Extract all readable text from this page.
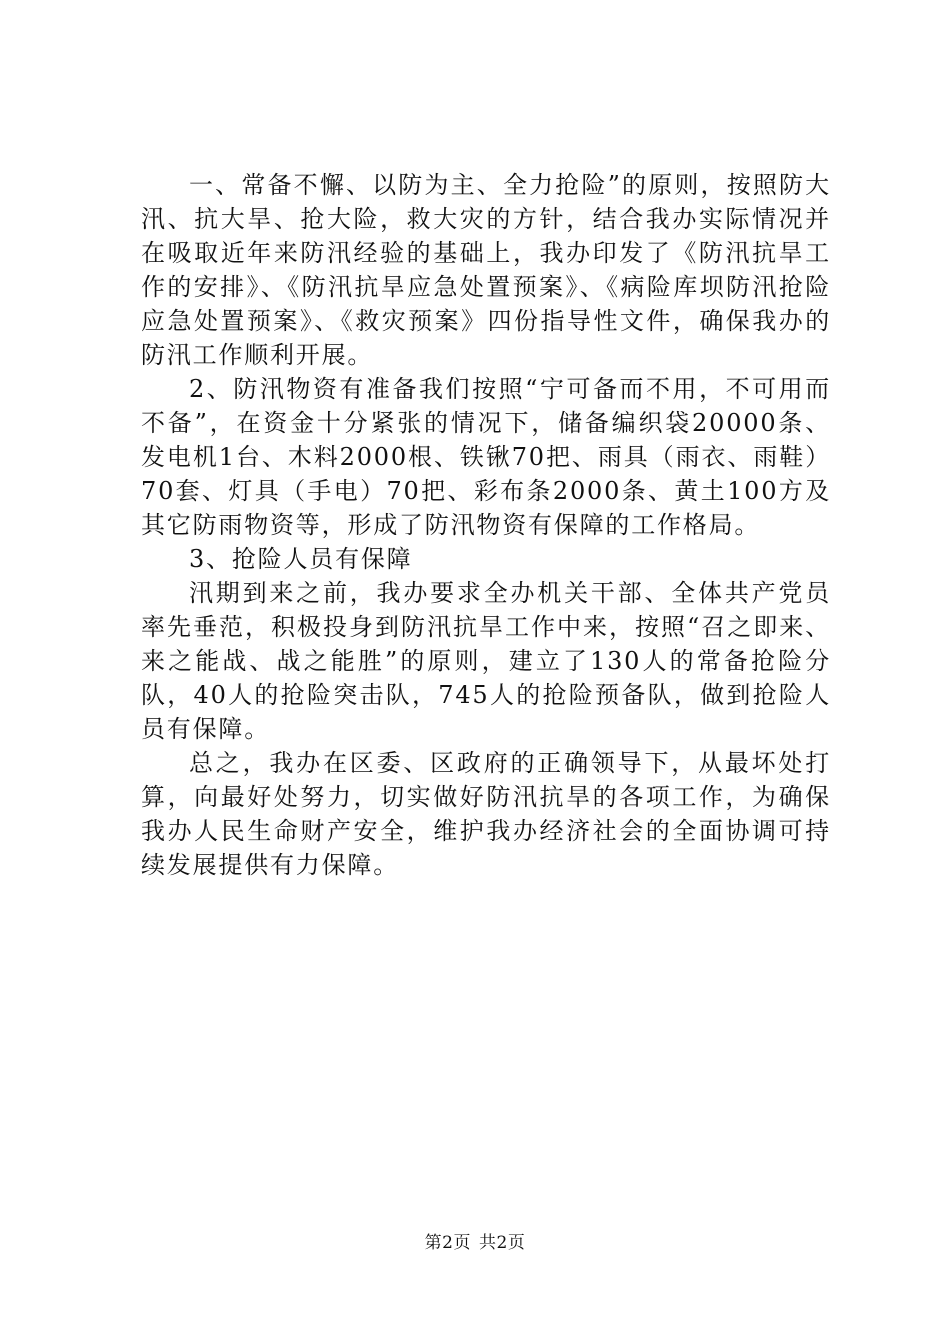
一、常备不懈、以防为主、全力抢险”的原则，按照防大汛、抗大旱、抢大险，救大灾的方针，结合我办实际情况并在吸取近年来防汛经验的基础上，我办印发了《防汛抗旱工作的安排》、《防汛抗旱应急处置预案》、《病险库坝防汛抢险应急处置预案》、《救灾预案》四份指导性文件，确保我办的防汛工作顺利开展。

2、防汛物资有准备我们按照“宁可备而不用，不可用而不备”，在资金十分紧张的情况下，储备编织袋20000条、发电机1台、木料2000根、铁锹70把、雨具（雨衣、雨鞋）70套、灯具（手电）70把、彩布条2000条、黄土100方及其它防雨物资等，形成了防汛物资有保障的工作格局。

3、抢险人员有保障

汛期到来之前，我办要求全办机关干部、全体共产党员率先垂范，积极投身到防汛抗旱工作中来，按照“召之即来、来之能战、战之能胜”的原则，建立了130人的常备抢险分队，40人的抢险突击队，745人的抢险预备队，做到抢险人员有保障。

总之，我办在区委、区政府的正确领导下，从最坏处打算，向最好处努力，切实做好防汛抗旱的各项工作，为确保我办人民生命财产安全，维护我办经济社会的全面协调可持续发展提供有力保障。

第2页 共2页
